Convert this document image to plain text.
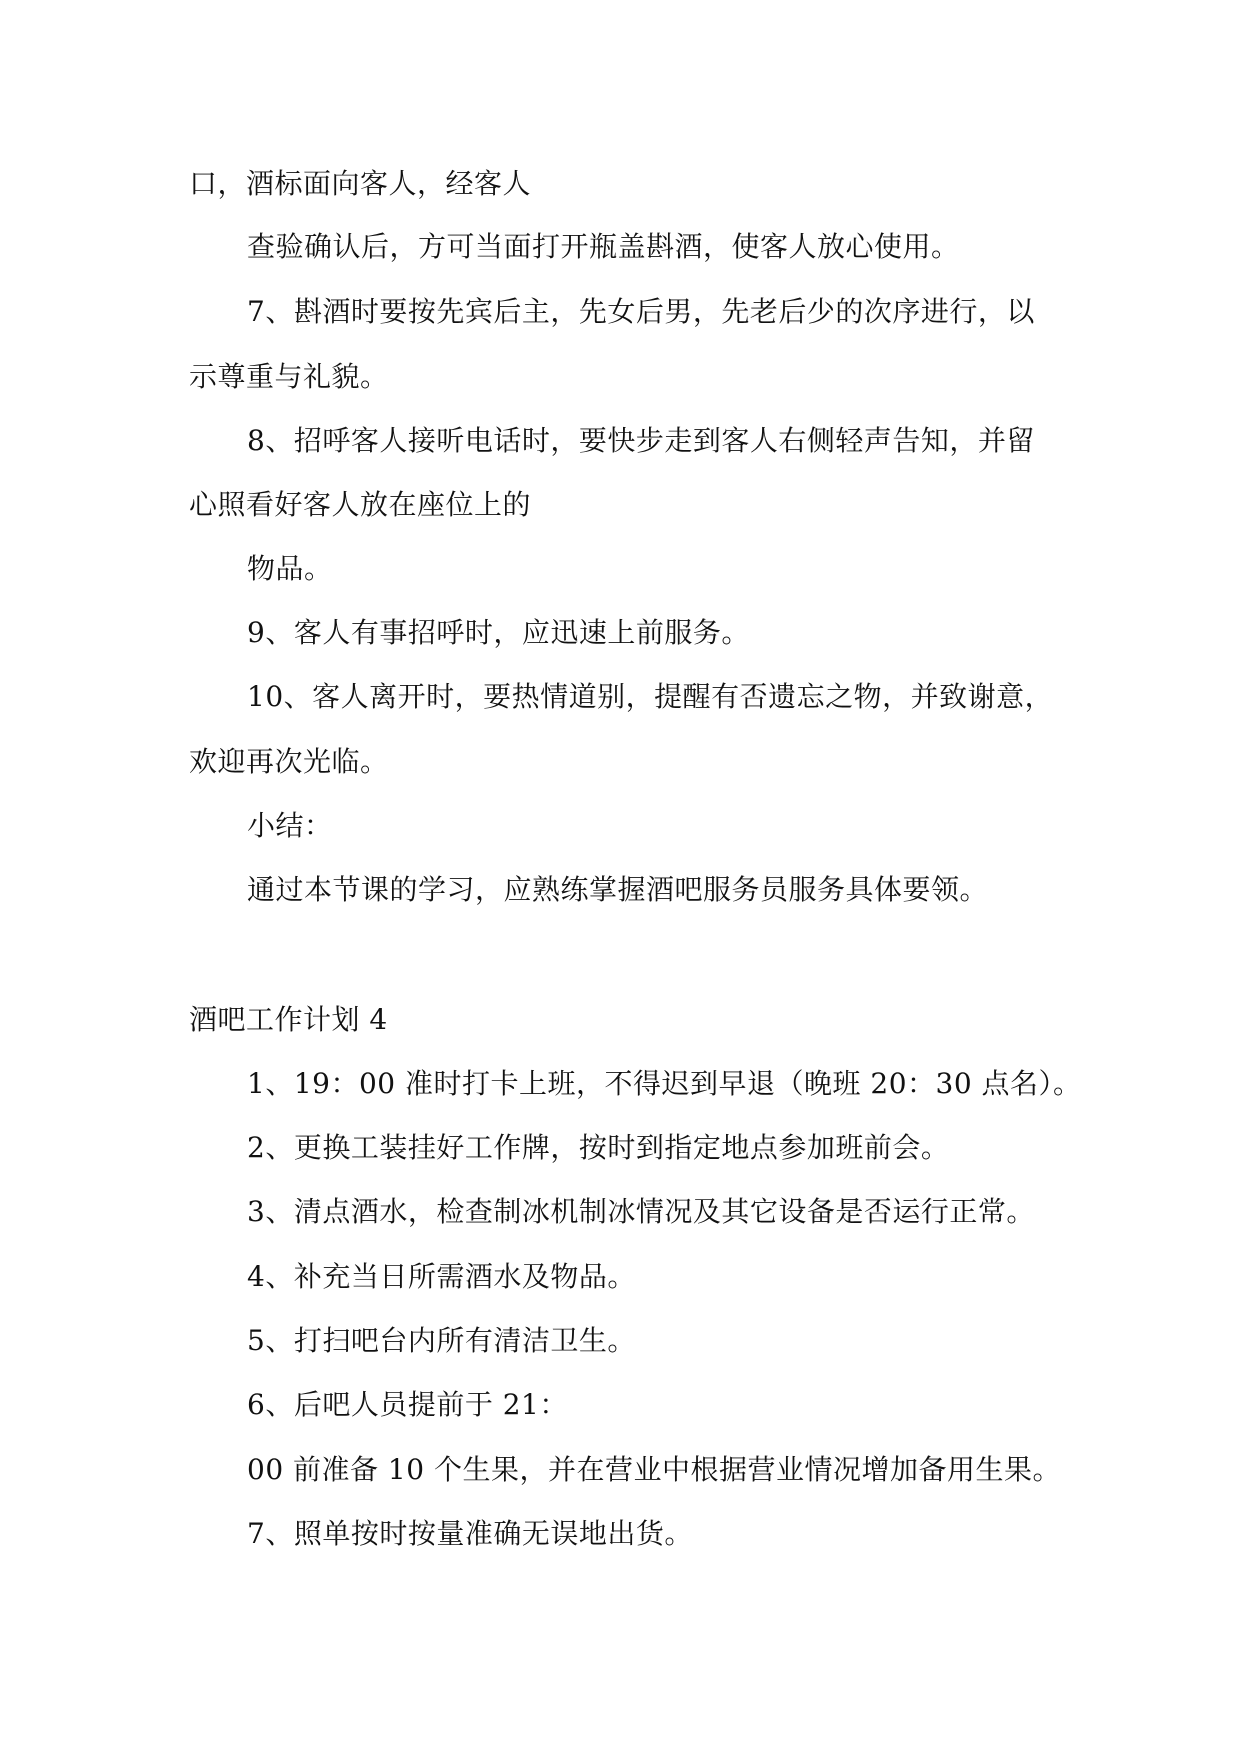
口，酒标面向客人，经客人
查验确认后，方可当面打开瓶盖斟酒，使客人放心使用。
7、斟酒时要按先宾后主，先女后男，先老后少的次序进行，以
示尊重与礼貌。
8、招呼客人接听电话时，要快步走到客人右侧轻声告知，并留
心照看好客人放在座位上的
物品。
9、客人有事招呼时，应迅速上前服务。
10、客人离开时，要热情道别，提醒有否遗忘之物，并致谢意，
欢迎再次光临。
小结：
通过本节课的学习，应熟练掌握酒吧服务员服务具体要领。
酒吧工作计划 4
1、19：00 准时打卡上班，不得迟到早退（晚班 20：30 点名）。
2、更换工装挂好工作牌，按时到指定地点参加班前会。
3、清点酒水，检查制冰机制冰情况及其它设备是否运行正常。
4、补充当日所需酒水及物品。
5、打扫吧台内所有清洁卫生。
6、后吧人员提前于 21：
00 前准备 10 个生果，并在营业中根据营业情况增加备用生果。
7、照单按时按量准确无误地出货。
